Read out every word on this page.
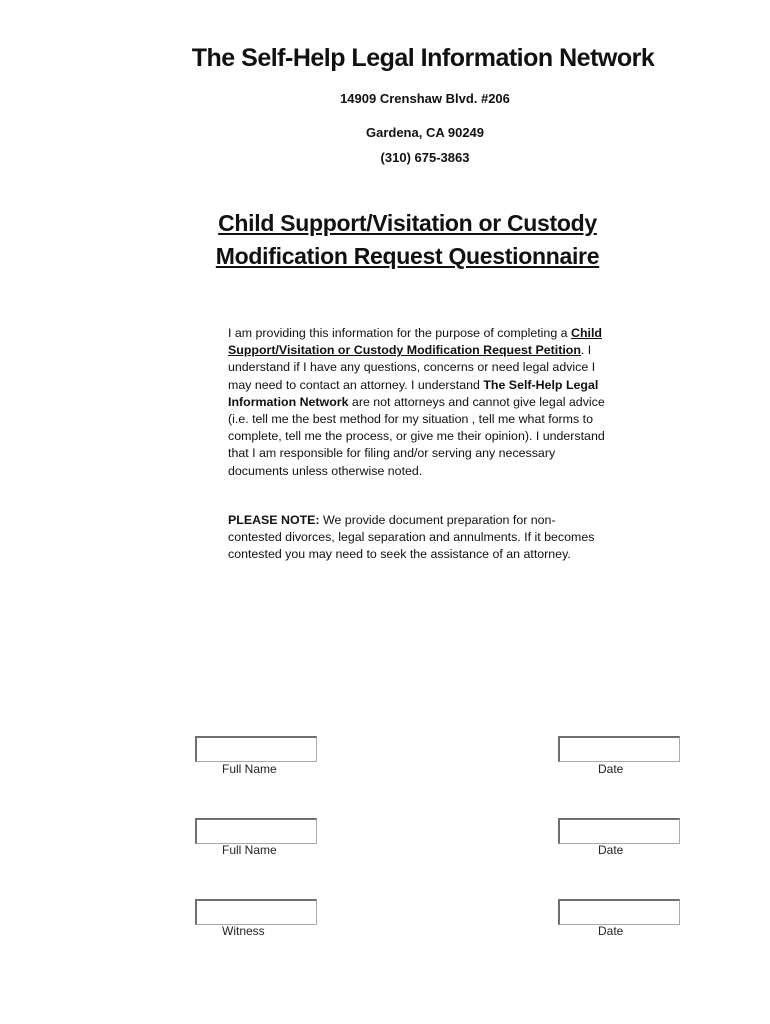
The Self-Help Legal Information Network
14909 Crenshaw Blvd. #206
Gardena, CA 90249
(310) 675-3863
Child Support/Visitation or Custody
Modification Request Questionnaire
I am providing this information for the purpose of completing a Child Support/Visitation or Custody Modification Request Petition. I understand if I have any questions, concerns or need legal advice I may need to contact an attorney. I understand The Self-Help Legal Information Network are not attorneys and cannot give legal advice (i.e. tell me the best method for my situation , tell me what forms to complete, tell me the process, or give me their opinion). I understand that I am responsible for filing and/or serving any necessary documents unless otherwise noted.
PLEASE NOTE: We provide document preparation for non-contested divorces, legal separation and annulments. If it becomes contested you may need to seek the assistance of an attorney.
Full Name	Date
Full Name	Date
Witness	Date
